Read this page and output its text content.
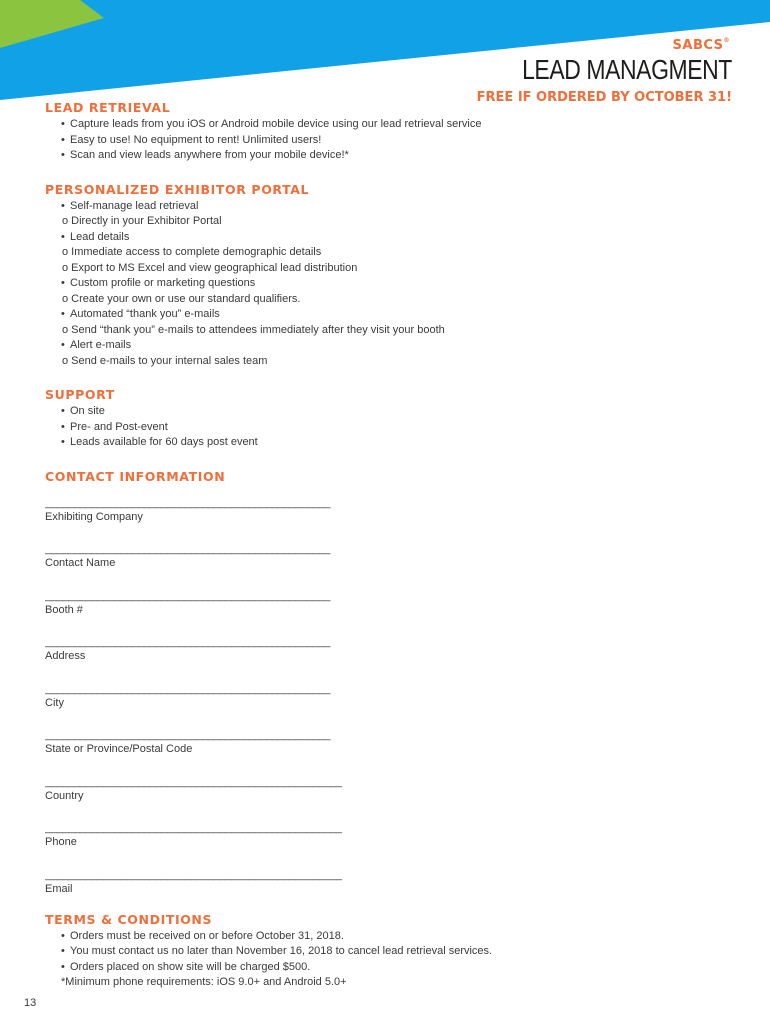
SABCS®
LEAD MANAGMENT
FREE IF ORDERED BY OCTOBER 31!
LEAD RETRIEVAL
• Capture leads from you iOS or Android mobile device using our lead retrieval service
• Easy to use! No equipment to rent! Unlimited users!
• Scan and view leads anywhere from your mobile device!*
PERSONALIZED EXHIBITOR PORTAL
• Self-manage lead retrieval
o Directly in your Exhibitor Portal
• Lead details
o Immediate access to complete demographic details
o Export to MS Excel and view geographical lead distribution
• Custom profile or marketing questions
o Create your own or use our standard qualifiers.
• Automated “thank you” e-mails
o Send “thank you” e-mails to attendees immediately after they visit your booth
• Alert e-mails
o Send e-mails to your internal sales team
SUPPORT
• On site
• Pre- and Post-event
• Leads available for 60 days post event
CONTACT INFORMATION
_________________________________________________
Exhibiting Company
_________________________________________________
Contact Name
_________________________________________________
Booth #
_________________________________________________
Address
_________________________________________________
City
_________________________________________________
State or Province/Postal Code
___________________________________________________
Country
___________________________________________________
Phone
___________________________________________________
Email
TERMS & CONDITIONS
• Orders must be received on or before October 31, 2018.
• You must contact us no later than November 16, 2018 to cancel lead retrieval services.
• Orders placed on show site will be charged $500.
*Minimum phone requirements: iOS 9.0+ and Android 5.0+
13
